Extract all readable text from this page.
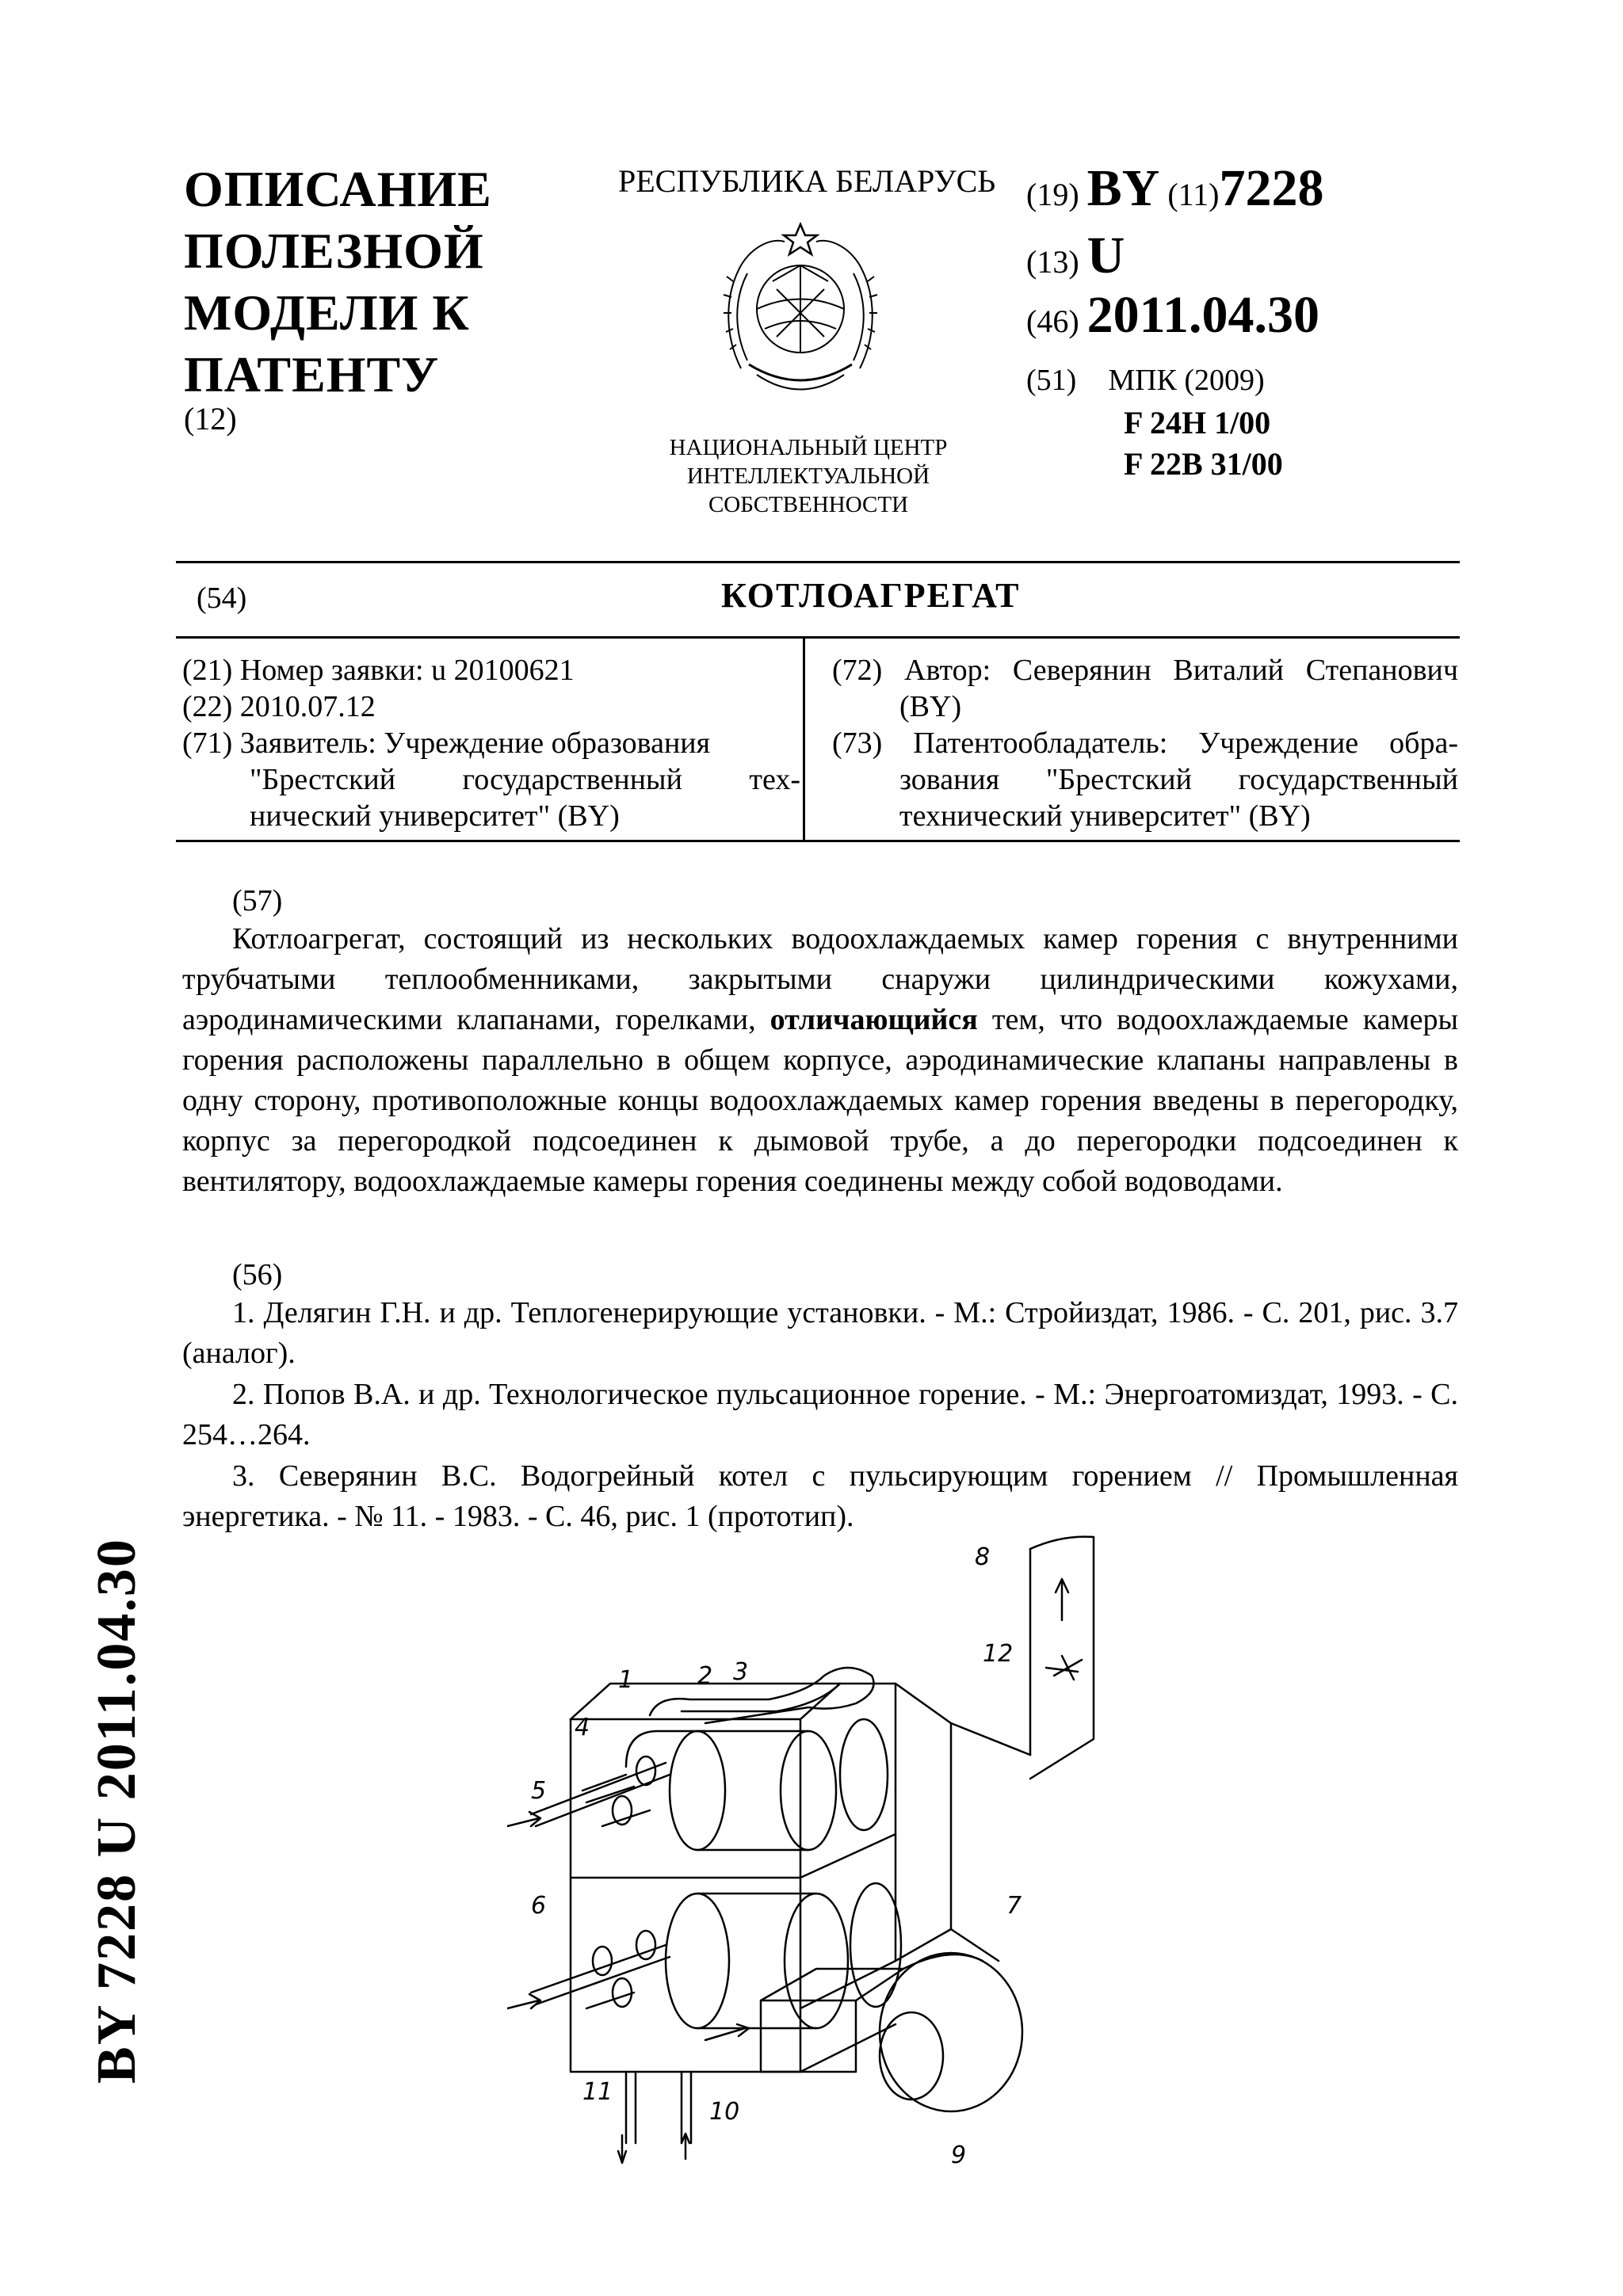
ОПИСАНИЕ
ПОЛЕЗНОЙ
МОДЕЛИ К
ПАТЕНТУ
(12)
РЕСПУБЛИКА БЕЛАРУСЬ
НАЦИОНАЛЬНЫЙ ЦЕНТР
ИНТЕЛЛЕКТУАЛЬНОЙ
СОБСТВЕННОСТИ
(19) BY (11)7228
(13) U
(46) 2011.04.30
(51) МПК (2009)
F 24H 1/00
F 22B 31/00
(54)	КОТЛОАГРЕГАТ
(21) Номер заявки: u 20100621
(22) 2010.07.12
(71) Заявитель: Учреждение образования
"Брестский государственный тех-
нический университет" (BY)
(72) Автор: Северянин Виталий Степанович
(BY)
(73) Патентообладатель: Учреждение обра-
зования "Брестский государственный
технический университет" (BY)
(57)
Котлоагрегат, состоящий из нескольких водоохлаждаемых камер горения с внутренними трубчатыми теплообменниками, закрытыми снаружи цилиндрическими кожухами, аэродинамическими клапанами, горелками, отличающийся тем, что водоохлаждаемые камеры горения расположены параллельно в общем корпусе, аэродинамические клапаны направлены в одну сторону, противоположные концы водоохлаждаемых камер горения введены в перегородку, корпус за перегородкой подсоединен к дымовой трубе, а до перегородки подсоединен к вентилятору, водоохлаждаемые камеры горения соединены между собой водоводами.
(56)
1. Делягин Г.Н. и др. Теплогенерирующие установки. - М.: Стройиздат, 1986. - С. 201, рис. 3.7 (аналог).
2. Попов В.А. и др. Технологическое пульсационное горение. - М.: Энергоатомиздат, 1993. - С. 254…264.
3. Северянин В.С. Водогрейный котел с пульсирующим горением // Промышленная энергетика. - № 11. - 1983. - С. 46, рис. 1 (прототип).
BY 7228 U 2011.04.30	1	2 3
4
5
6	7
8
9
10
11
12
